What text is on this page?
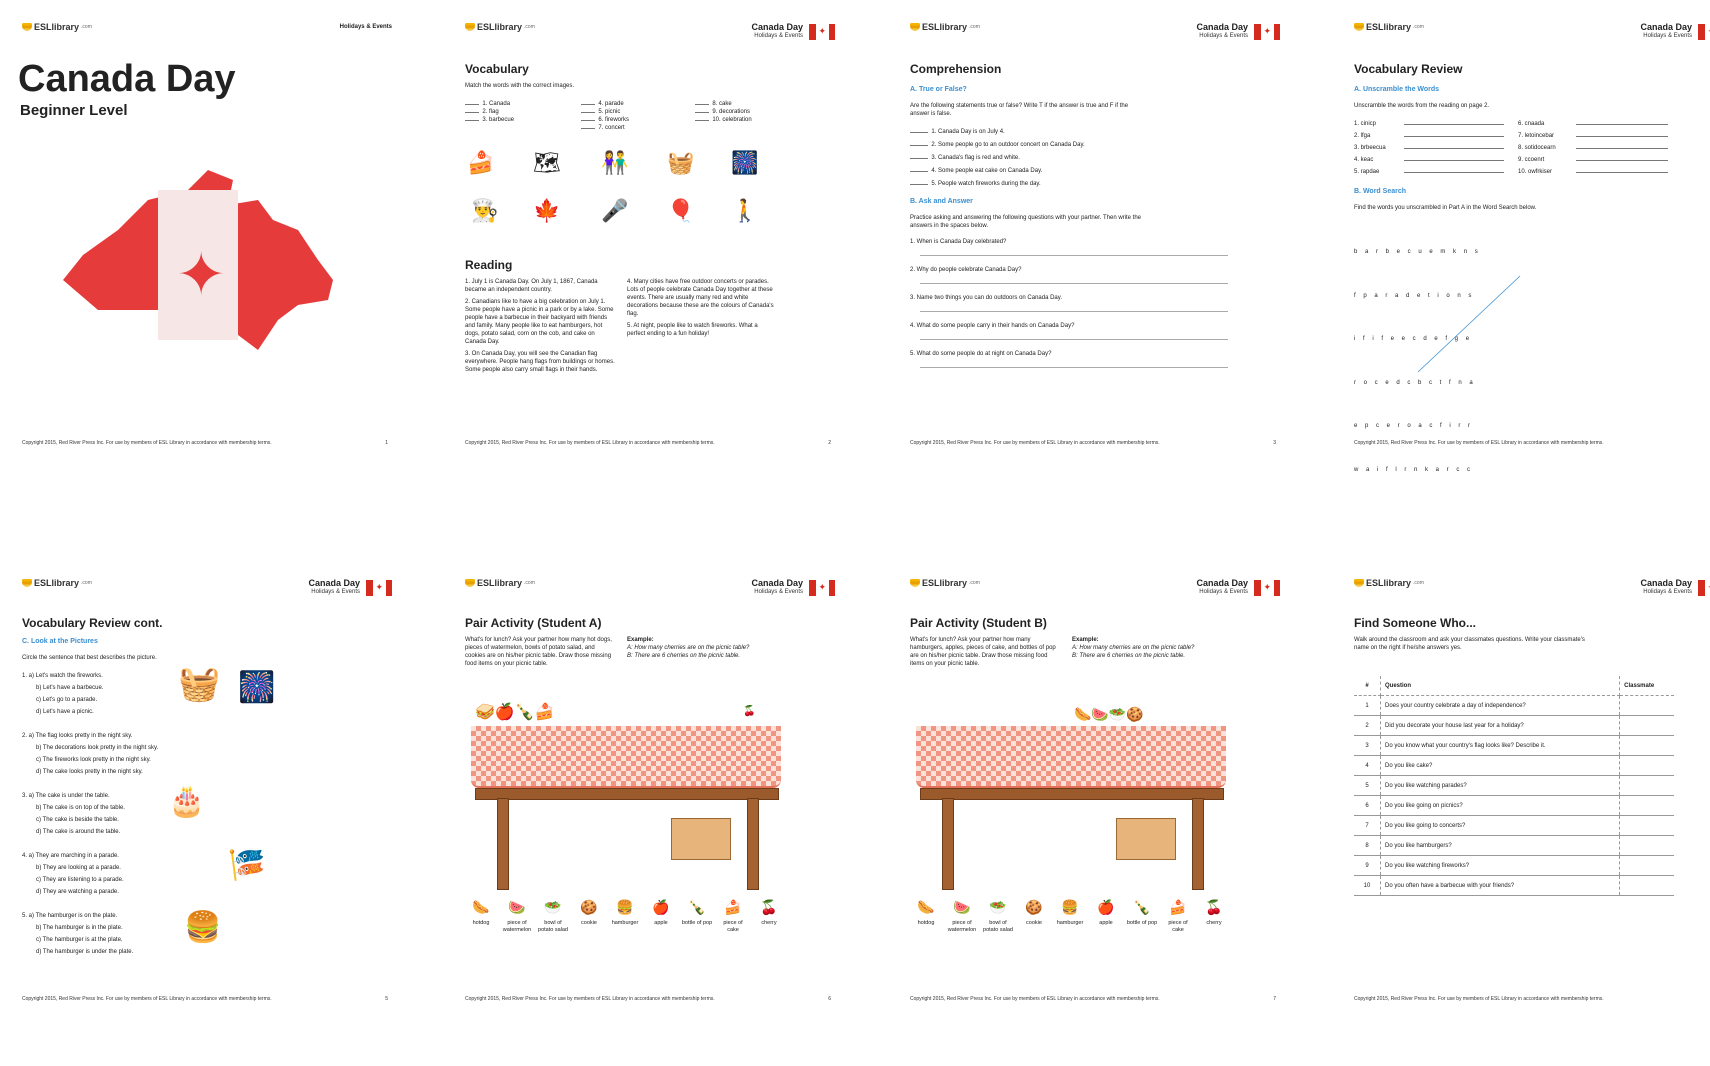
ESLlibrary .com	Holidays & Events
Canada Day
Beginner Level
✦
Copyright 2015, Red River Press Inc. For use by members of ESL Library in accordance with membership terms.	1
ESLlibrary .com	Canada Day
Holidays & Events
✦
Vocabulary
Match the words with the correct images.
1. Canada
2. flag
3. barbecue
4. parade
5. picnic
6. fireworks
7. concert
8. cake
9. decorations
10. celebration
🍰 🗺 👫 🧺 🎆
👨‍🍳 🍁 🎤 🎈 🚶
Reading
1. July 1 is Canada Day. On July 1, 1867, Canada became an independent country.
2. Canadians like to have a big celebration on July 1. Some people have a picnic in a park or by a lake. Some people have a barbecue in their backyard with friends and family. Many people like to eat hamburgers, hot dogs, potato salad, corn on the cob, and cake on Canada Day.
3. On Canada Day, you will see the Canadian flag everywhere. People hang flags from buildings or homes. Some people also carry small flags in their hands.
4. Many cities have free outdoor concerts or parades. Lots of people celebrate Canada Day together at these events. There are usually many red and white decorations because these are the colours of Canada's flag.
5. At night, people like to watch fireworks. What a perfect ending to a fun holiday!
Copyright 2015, Red River Press Inc. For use by members of ESL Library in accordance with membership terms.	2
ESLlibrary .com	Canada Day
Holidays & Events
✦
Comprehension
A. True or False?
Are the following statements true or false? Write T if the answer is true and F if the answer is false.
1. Canada Day is on July 4.
2. Some people go to an outdoor concert on Canada Day.
3. Canada's flag is red and white.
4. Some people eat cake on Canada Day.
5. People watch fireworks during the day.
B. Ask and Answer
Practice asking and answering the following questions with your partner. Then write the answers in the spaces below.
1. When is Canada Day celebrated?
2. Why do people celebrate Canada Day?
3. Name two things you can do outdoors on Canada Day.
4. What do some people carry in their hands on Canada Day?
5. What do some people do at night on Canada Day?
Copyright 2015, Red River Press Inc. For use by members of ESL Library in accordance with membership terms.	3
ESLlibrary .com	Canada Day
Holidays & Events
✦
Vocabulary Review
A. Unscramble the Words
Unscramble the words from the reading on page 2.
1. cinicp
2. lfga
3. brbeecua
4. keac
5. rapdae
6. cnaada
7. letoincebar
8. sotidocearn
9. ccoenrt
10. owfrkiser
B. Word Search
Find the words you unscrambled in Part A in the Word Search below.

b a r b e c u e m k n s

f p a r a d e t i o n s

i f i f e e c d e f g e

r o c e d c b c t f n a

e p c e r o a c f i r r

w a i f l r n k a r c c

Copyright 2015, Red River Press Inc. For use by members of ESL Library in accordance with membership terms.
ESLlibrary .com	Canada Day
Holidays & Events
✦
Vocabulary Review cont.
C. Look at the Pictures
Circle the sentence that best describes the picture.
1. a) Let's watch the fireworks.
b) Let's have a barbecue.
c) Let's go to a parade.
d) Let's have a picnic.
2. a) The flag looks pretty in the night sky.
b) The decorations look pretty in the night sky.
c) The fireworks look pretty in the night sky.
d) The cake looks pretty in the night sky.
3. a) The cake is under the table.
b) The cake is on top of the table.
c) The cake is beside the table.
d) The cake is around the table.
4. a) They are marching in a parade.
b) They are looking at a parade.
c) They are listening to a parade.
d) They are watching a parade.
5. a) The hamburger is on the plate.
b) The hamburger is in the plate.
c) The hamburger is at the plate.
d) The hamburger is under the plate.
🧺 🎆
🎂
🎏
🍔
Copyright 2015, Red River Press Inc. For use by members of ESL Library in accordance with membership terms.	5
ESLlibrary .com	Canada Day
Holidays & Events
✦
Pair Activity (Student A)
What's for lunch? Ask your partner how many hot dogs, pieces of watermelon, bowls of potato salad, and cookies are on his/her picnic table. Draw those missing food items on your picnic table.
Example:
A: How many cherries are on the picnic table?
B: There are 6 cherries on the picnic table.
🥪🍎🍾🍰	🍒
🌭
hotdog
🍉
piece of watermelon
🥗
bowl of potato salad
🍪
cookie
🍔
hamburger
🍎
apple
🍾
bottle of pop
🍰
piece of cake
🍒
cherry
Copyright 2015, Red River Press Inc. For use by members of ESL Library in accordance with membership terms.	6
ESLlibrary .com	Canada Day
Holidays & Events
✦
Pair Activity (Student B)
What's for lunch? Ask your partner how many hamburgers, apples, pieces of cake, and bottles of pop are on his/her picnic table. Draw those missing food items on your picnic table.
Example:
A: How many cherries are on the picnic table?
B: There are 6 cherries on the picnic table.
🌭🍉🥗🍪
🌭
hotdog
🍉
piece of watermelon
🥗
bowl of potato salad
🍪
cookie
🍔
hamburger
🍎
apple
🍾
bottle of pop
🍰
piece of cake
🍒
cherry
Copyright 2015, Red River Press Inc. For use by members of ESL Library in accordance with membership terms.	7
ESLlibrary .com	Canada Day
Holidays & Events
✦
Find Someone Who...
Walk around the classroom and ask your classmates questions. Write your classmate's name on the right if he/she answers yes.
#	Question	Classmate
1	Does your country celebrate a day of independence?	
2	Did you decorate your house last year for a holiday?	
3	Do you know what your country's flag looks like? Describe it.	
4	Do you like cake?	
5	Do you like watching parades?	
6	Do you like going on picnics?	
7	Do you like going to concerts?	
8	Do you like hamburgers?	
9	Do you like watching fireworks?	
10	Do you often have a barbecue with your friends?	
Copyright 2015, Red River Press Inc. For use by members of ESL Library in accordance with membership terms.
